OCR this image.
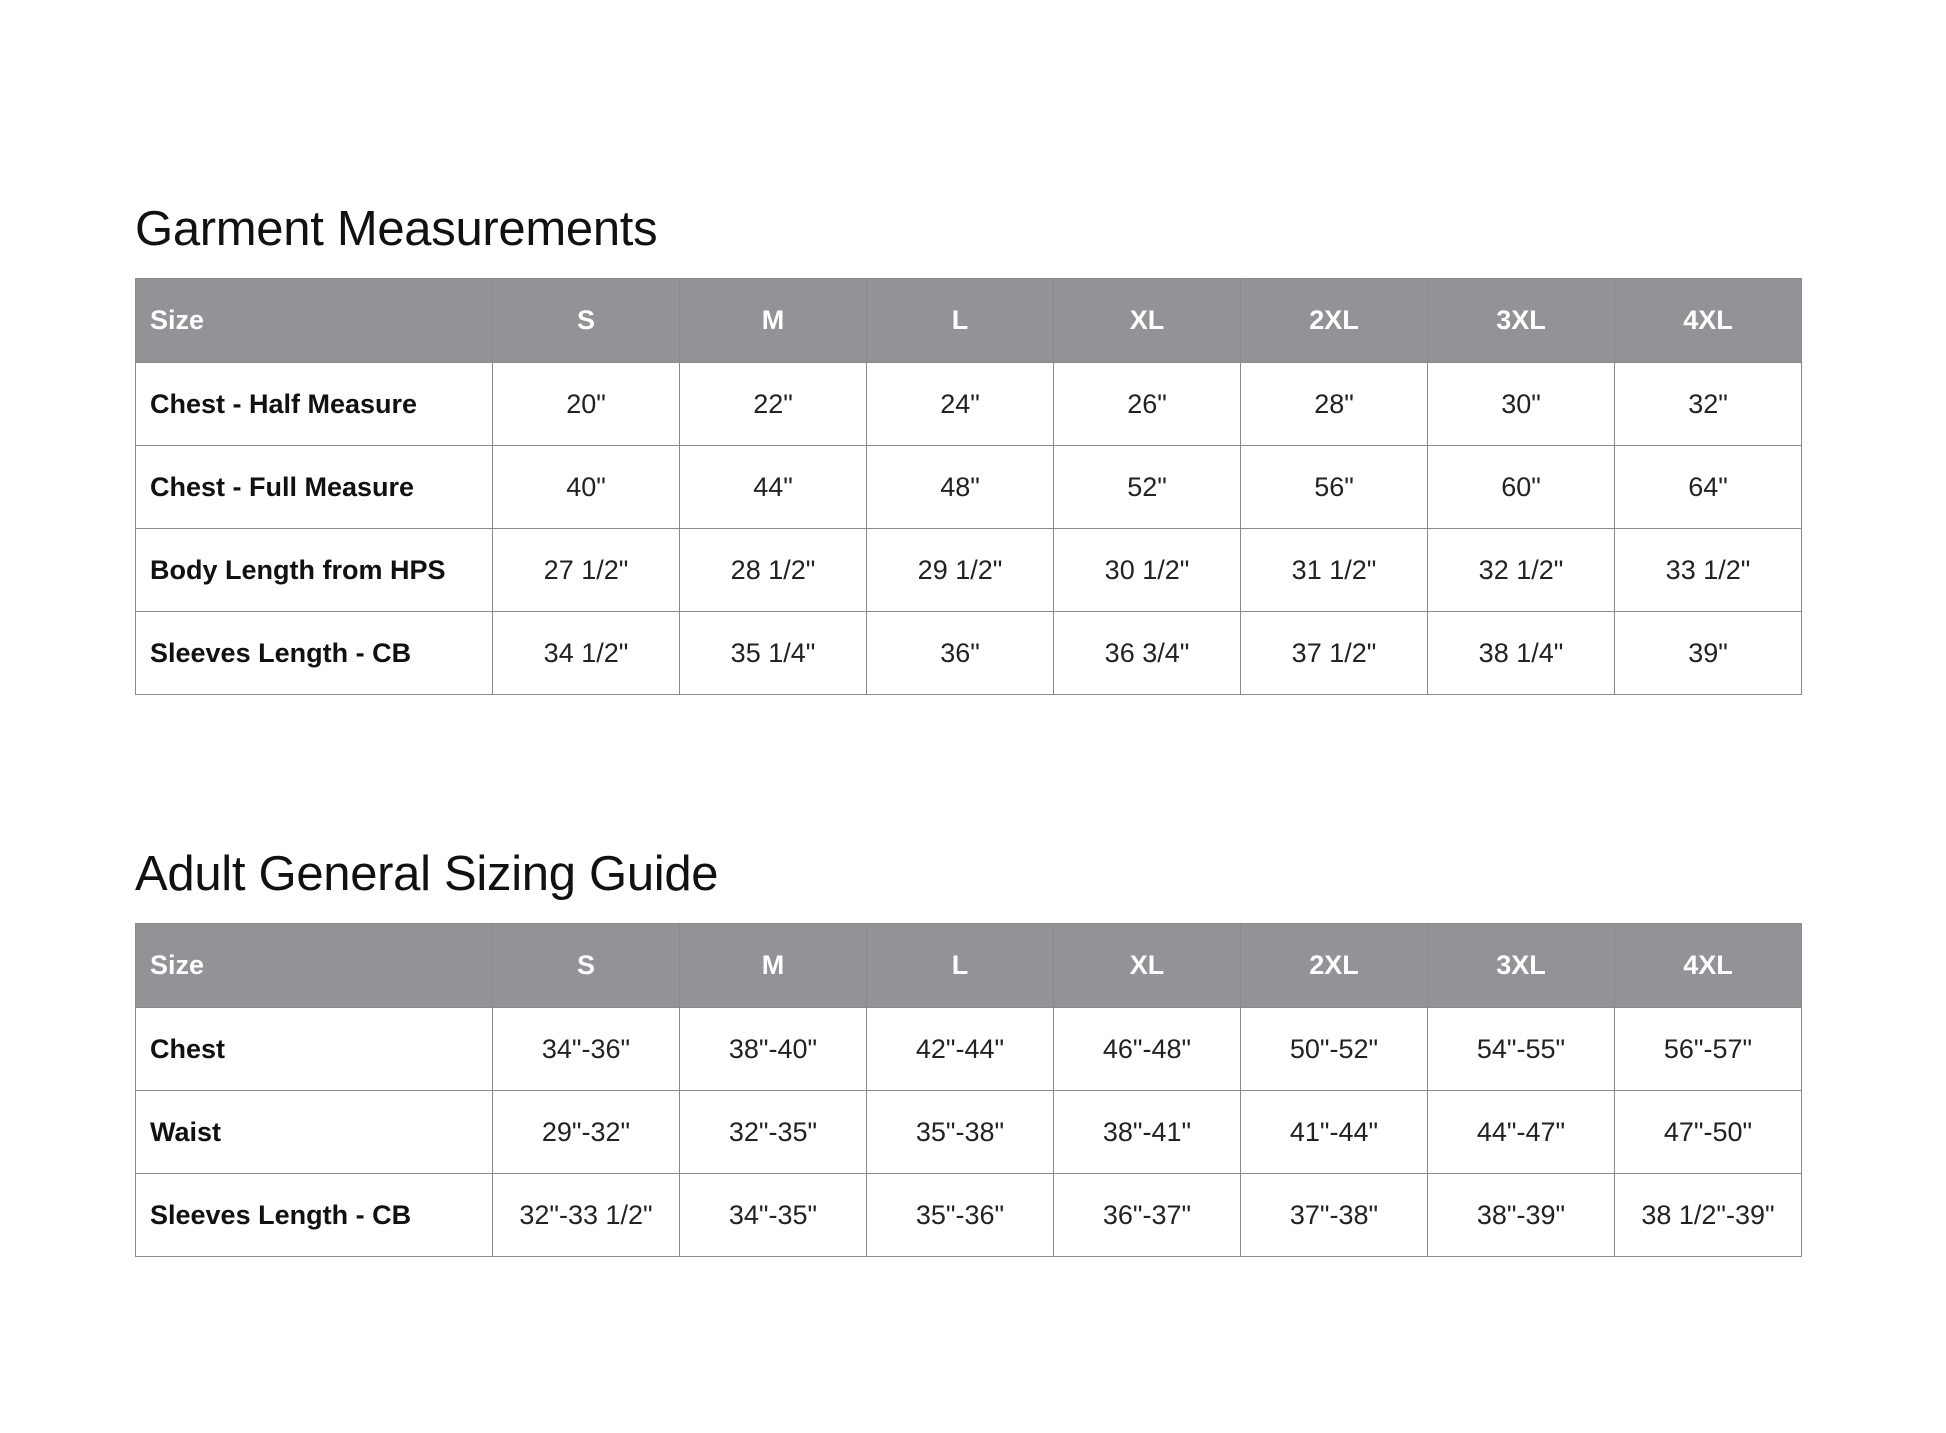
Garment Measurements
Size	S	M	L	XL	2XL	3XL	4XL
Chest - Half Measure	20"	22"	24"	26"	28"	30"	32"
Chest - Full Measure	40"	44"	48"	52"	56"	60"	64"
Body Length from HPS	27 1/2"	28 1/2"	29 1/2"	30 1/2"	31 1/2"	32 1/2"	33 1/2"
Sleeves Length - CB	34 1/2"	35 1/4"	36"	36 3/4"	37 1/2"	38 1/4"	39"
Adult General Sizing Guide
Size	S	M	L	XL	2XL	3XL	4XL
Chest	34"-36"	38"-40"	42"-44"	46"-48"	50"-52"	54"-55"	56"-57"
Waist	29"-32"	32"-35"	35"-38"	38"-41"	41"-44"	44"-47"	47"-50"
Sleeves Length - CB	32"-33 1/2"	34"-35"	35"-36"	36"-37"	37"-38"	38"-39"	38 1/2"-39"
